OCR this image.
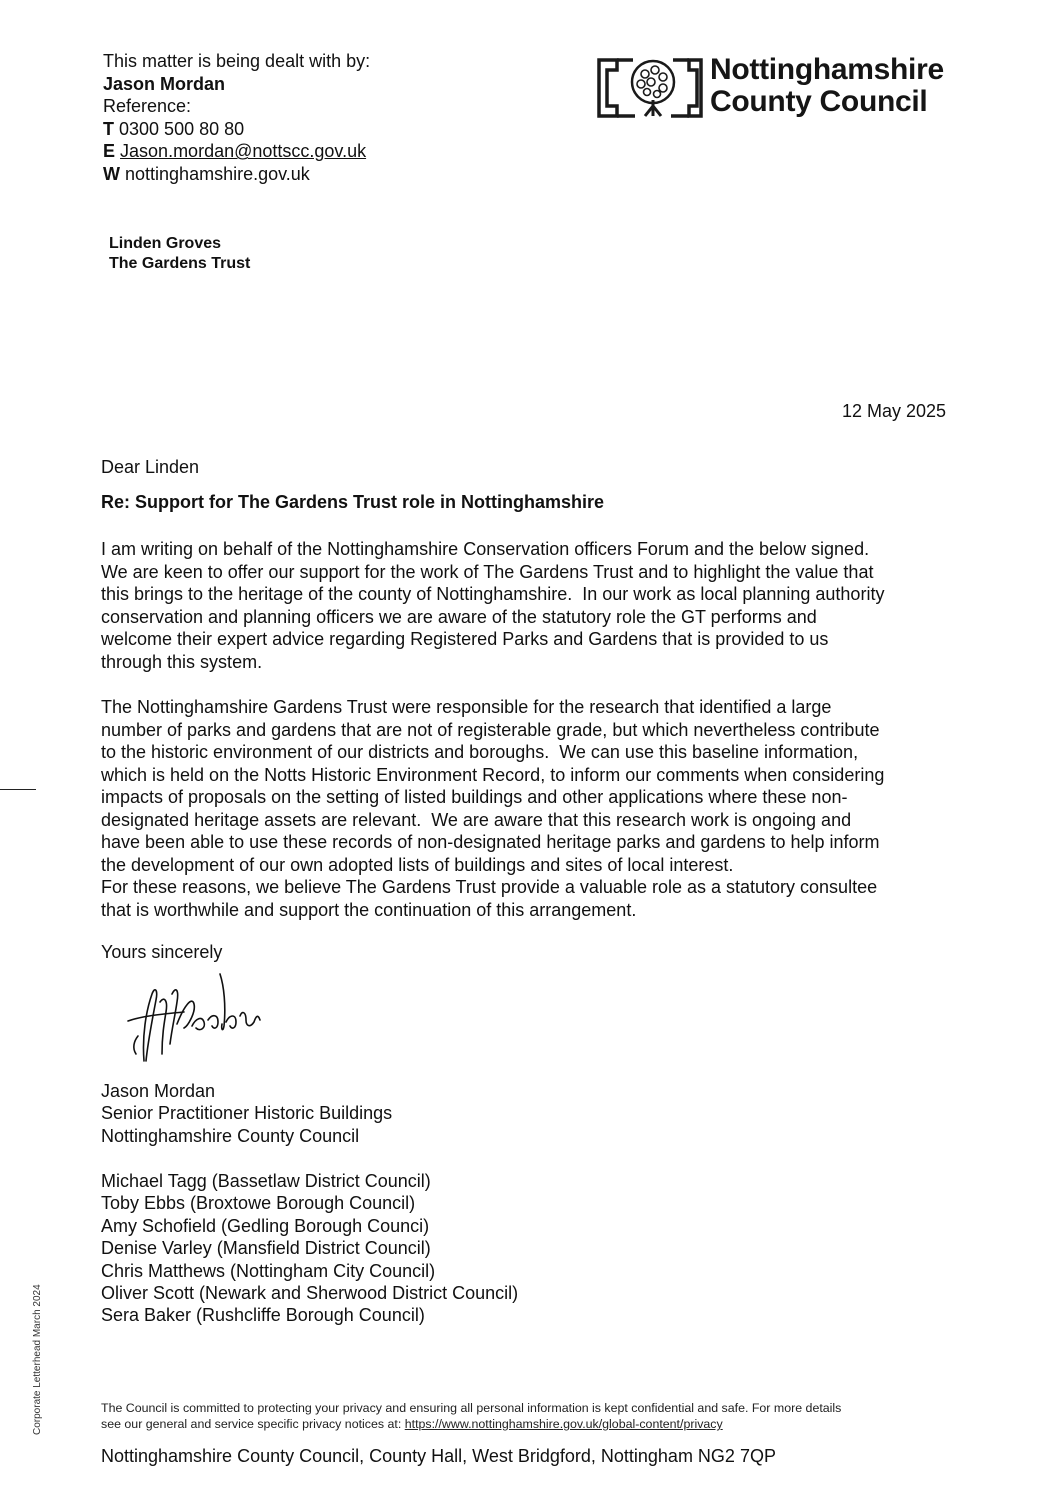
This matter is being dealt with by:
Jason Mordan
Reference:
T 0300 500 80 80
E Jason.mordan@nottscc.gov.uk
W nottinghamshire.gov.uk
Nottinghamshire
County Council
Linden Groves
The Gardens Trust
12 May 2025
Dear Linden
Re: Support for The Gardens Trust role in Nottinghamshire
I am writing on behalf of the Nottinghamshire Conservation officers Forum and the below signed.
We are keen to offer our support for the work of The Gardens Trust and to highlight the value that
this brings to the heritage of the county of Nottinghamshire.  In our work as local planning authority
conservation and planning officers we are aware of the statutory role the GT performs and
welcome their expert advice regarding Registered Parks and Gardens that is provided to us
through this system.
The Nottinghamshire Gardens Trust were responsible for the research that identified a large
number of parks and gardens that are not of registerable grade, but which nevertheless contribute
to the historic environment of our districts and boroughs.  We can use this baseline information,
which is held on the Notts Historic Environment Record, to inform our comments when considering
impacts of proposals on the setting of listed buildings and other applications where these non-
designated heritage assets are relevant.  We are aware that this research work is ongoing and
have been able to use these records of non-designated heritage parks and gardens to help inform
the development of our own adopted lists of buildings and sites of local interest.
For these reasons, we believe The Gardens Trust provide a valuable role as a statutory consultee
that is worthwhile and support the continuation of this arrangement.
Yours sincerely
Jason Mordan
Senior Practitioner Historic Buildings
Nottinghamshire County Council
Michael Tagg (Bassetlaw District Council)
Toby Ebbs (Broxtowe Borough Council)
Amy Schofield (Gedling Borough Counci)
Denise Varley (Mansfield District Council)
Chris Matthews (Nottingham City Council)
Oliver Scott (Newark and Sherwood District Council)
Sera Baker (Rushcliffe Borough Council)
Corporate Letterhead March 2024	The Council is committed to protecting your privacy and ensuring all personal information is kept confidential and safe. For more details
see our general and service specific privacy notices at: https://www.nottinghamshire.gov.uk/global-content/privacy
Nottinghamshire County Council, County Hall, West Bridgford, Nottingham NG2 7QP
